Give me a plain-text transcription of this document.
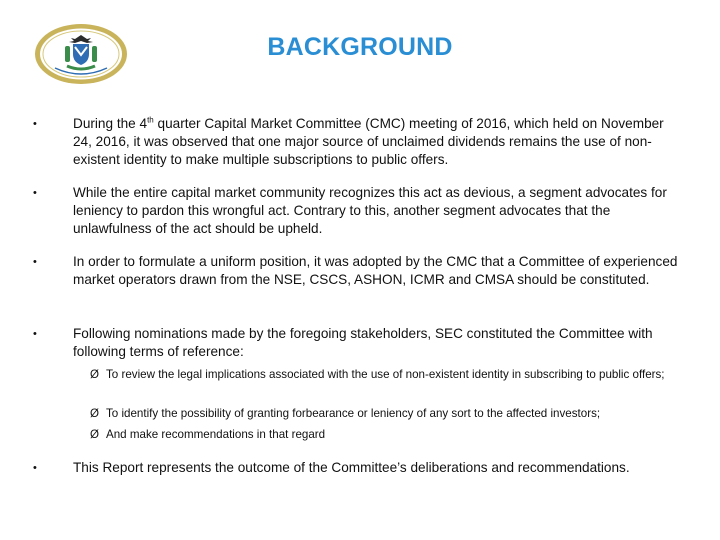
BACKGROUND
•	During the 4th quarter Capital Market Committee (CMC) meeting of 2016, which held on November 24, 2016, it was observed that one major source of unclaimed dividends remains the use of non-existent identity to make multiple subscriptions to public offers.
•	While the entire capital market community recognizes this act as devious, a segment advocates for leniency to pardon this wrongful act. Contrary to this, another segment advocates that the unlawfulness of the act should be upheld.
•	In order to formulate a uniform position, it was adopted by the CMC that a Committee of experienced market operators drawn from the NSE, CSCS, ASHON, ICMR and CMSA should be constituted.
•	Following nominations made by the foregoing stakeholders, SEC constituted the Committee with following terms of reference:
Ø To review the legal implications associated with the use of non-existent identity in subscribing to public offers;
Ø To identify the possibility of granting forbearance or leniency of any sort to the affected investors;
Ø And make recommendations in that regard
•	This Report represents the outcome of the Committee’s deliberations and recommendations.
